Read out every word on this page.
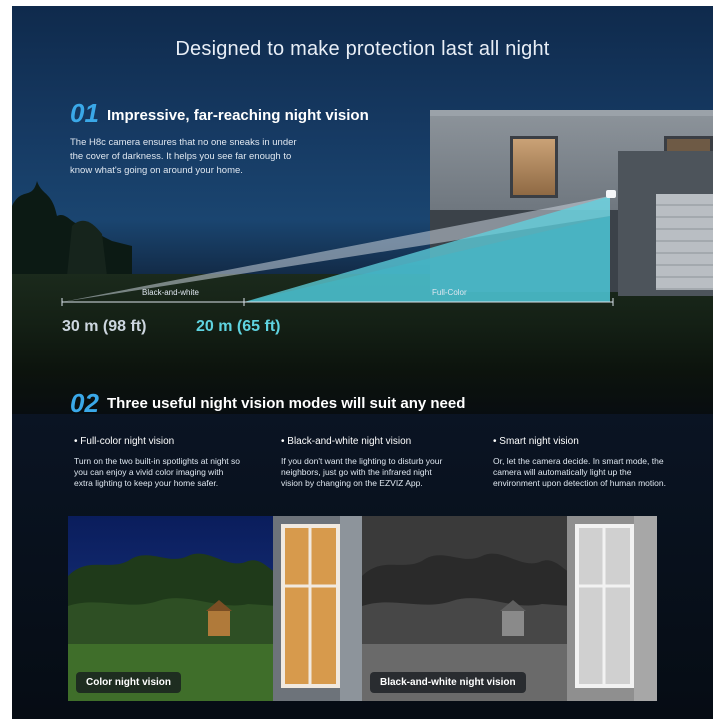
Designed to make protection last all night
01 Impressive, far-reaching night vision
The H8c camera ensures that no one sneaks in under
the cover of darkness. It helps you see far enough to
know what's going on around your home.
Black-and-white	Full-Color
30 m (98 ft)	20 m (65 ft)
02 Three useful night vision modes will suit any need
• Full-color night vision
Turn on the two built-in spotlights at night so
you can enjoy a vivid color imaging with
extra lighting to keep your home safer.
• Black-and-white night vision
If you don't want the lighting to disturb your
neighbors, just go with the infrared night
vision by changing on the EZVIZ App.
• Smart night vision
Or, let the camera decide. In smart mode, the
camera will automatically light up the
environment upon detection of human motion.
Color night vision	Black-and-white night vision
